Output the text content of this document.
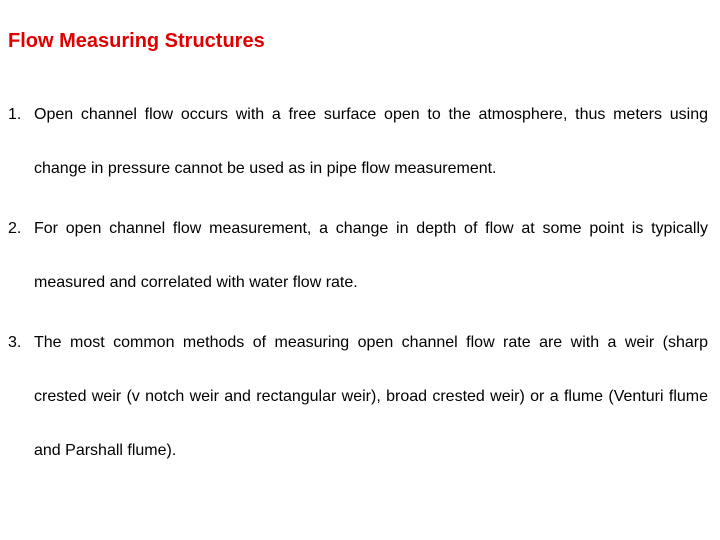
Flow Measuring Structures
1. Open channel flow occurs with a free surface open to the atmosphere, thus meters using change in pressure cannot be used as in pipe flow measurement.
2. For open channel flow measurement, a change in depth of flow at some point is typically measured and correlated with water flow rate.
3. The most common methods of measuring open channel flow rate are with a weir (sharp crested weir (v notch weir and rectangular weir), broad crested weir) or a flume (Venturi flume and Parshall flume).
